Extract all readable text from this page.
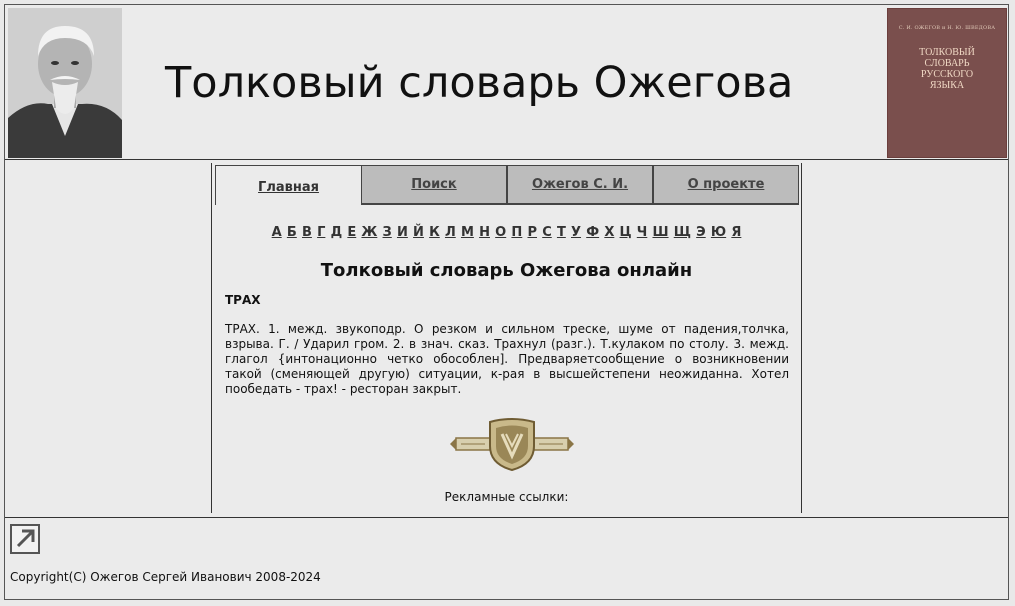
Толковый словарь Ожегова
С. И. ОЖЕГОВ и Н. Ю. ШВЕДОВА
ТОЛКОВЫЙ
СЛОВАРЬ
РУССКОГО
ЯЗЫКА
Главная	Поиск	Ожегов С. И.	О проекте
А Б В Г Д Е Ж З И Й К Л М Н О П Р С Т У Ф Х Ц Ч Ш Щ Э Ю Я
Толковый словарь Ожегова онлайн
ТРАХ

ТРАХ. 1. межд. звукоподр. О резком и сильном треске, шуме от падения,толчка, взрыва. Г. / Ударил гром. 2. в знач. сказ. Трахнул (разг.). Т.кулаком по столу. 3. межд. глагол {интонационно четко обособлен]. Предваряетсообщение о возникновении такой (сменяющей другую) ситуации, к-рая в высшейстепени неожиданна. Хотел пообедать - трах! - ресторан закрыт.

Рекламные ссылки:
Copyright(C) Ожегов Сергей Иванович 2008-2024
